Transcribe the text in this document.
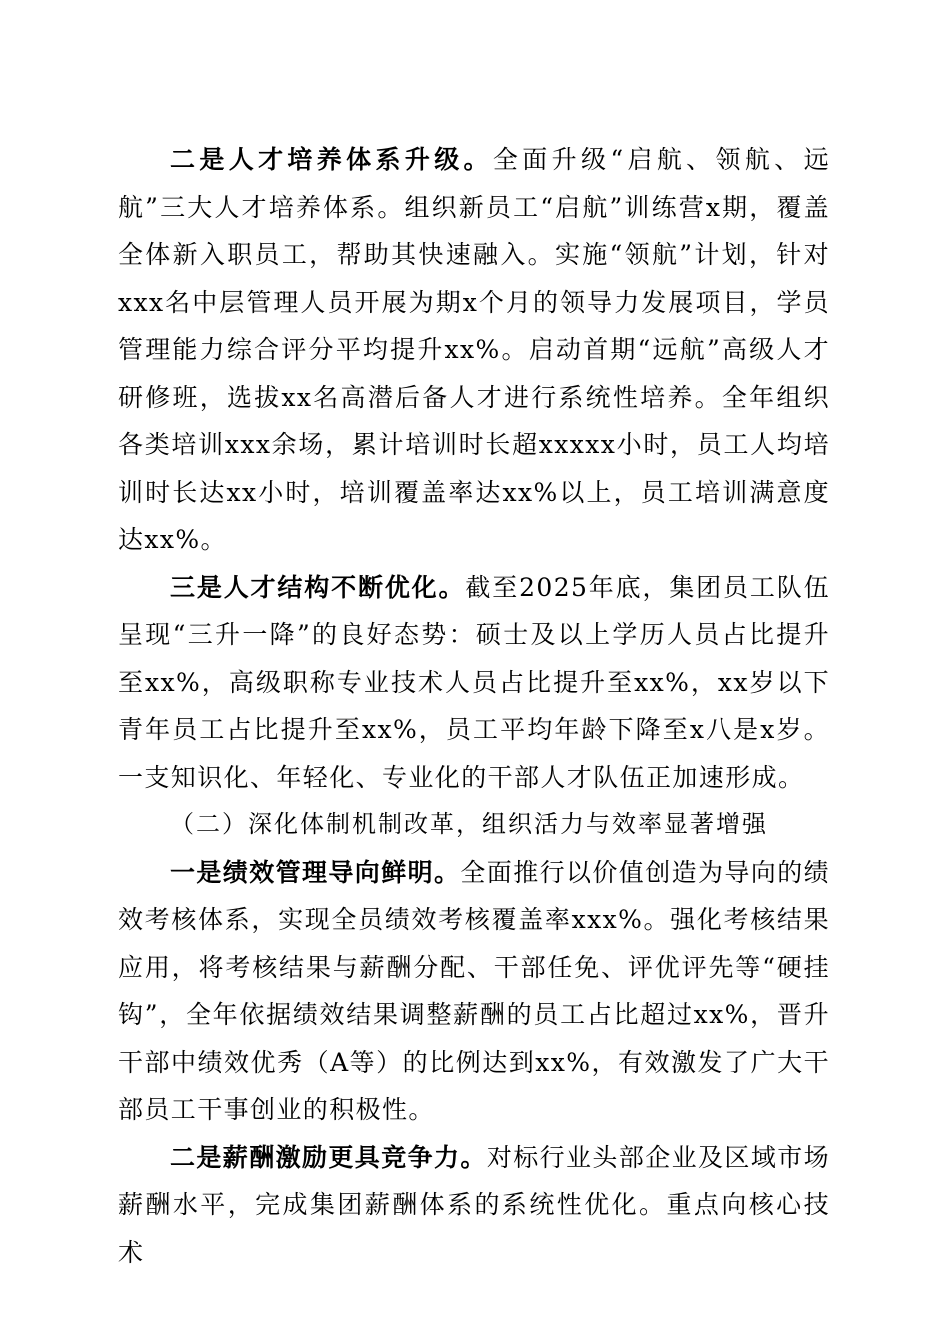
二是人才培养体系升级。全面升级“启航、领航、远航”三大人才培养体系。组织新员工“启航”训练营x期，覆盖全体新入职员工，帮助其快速融入。实施“领航”计划，针对xxx名中层管理人员开展为期x个月的领导力发展项目，学员管理能力综合评分平均提升xx%。启动首期“远航”高级人才研修班，选拔xx名高潜后备人才进行系统性培养。全年组织各类培训xxx余场，累计培训时长超xxxxx小时，员工人均培训时长达xx小时，培训覆盖率达xx%以上，员工培训满意度达xx%。

三是人才结构不断优化。截至2025年底，集团员工队伍呈现“三升一降”的良好态势：硕士及以上学历人员占比提升至xx%，高级职称专业技术人员占比提升至xx%，xx岁以下青年员工占比提升至xx%，员工平均年龄下降至x八是x岁。一支知识化、年轻化、专业化的干部人才队伍正加速形成。

（二）深化体制机制改革，组织活力与效率显著增强

一是绩效管理导向鲜明。全面推行以价值创造为导向的绩效考核体系，实现全员绩效考核覆盖率xxx%。强化考核结果应用，将考核结果与薪酬分配、干部任免、评优评先等“硬挂钩”，全年依据绩效结果调整薪酬的员工占比超过xx%，晋升干部中绩效优秀（A等）的比例达到xx%，有效激发了广大干部员工干事创业的积极性。

二是薪酬激励更具竞争力。对标行业头部企业及区域市场薪酬水平，完成集团薪酬体系的系统性优化。重点向核心技术
